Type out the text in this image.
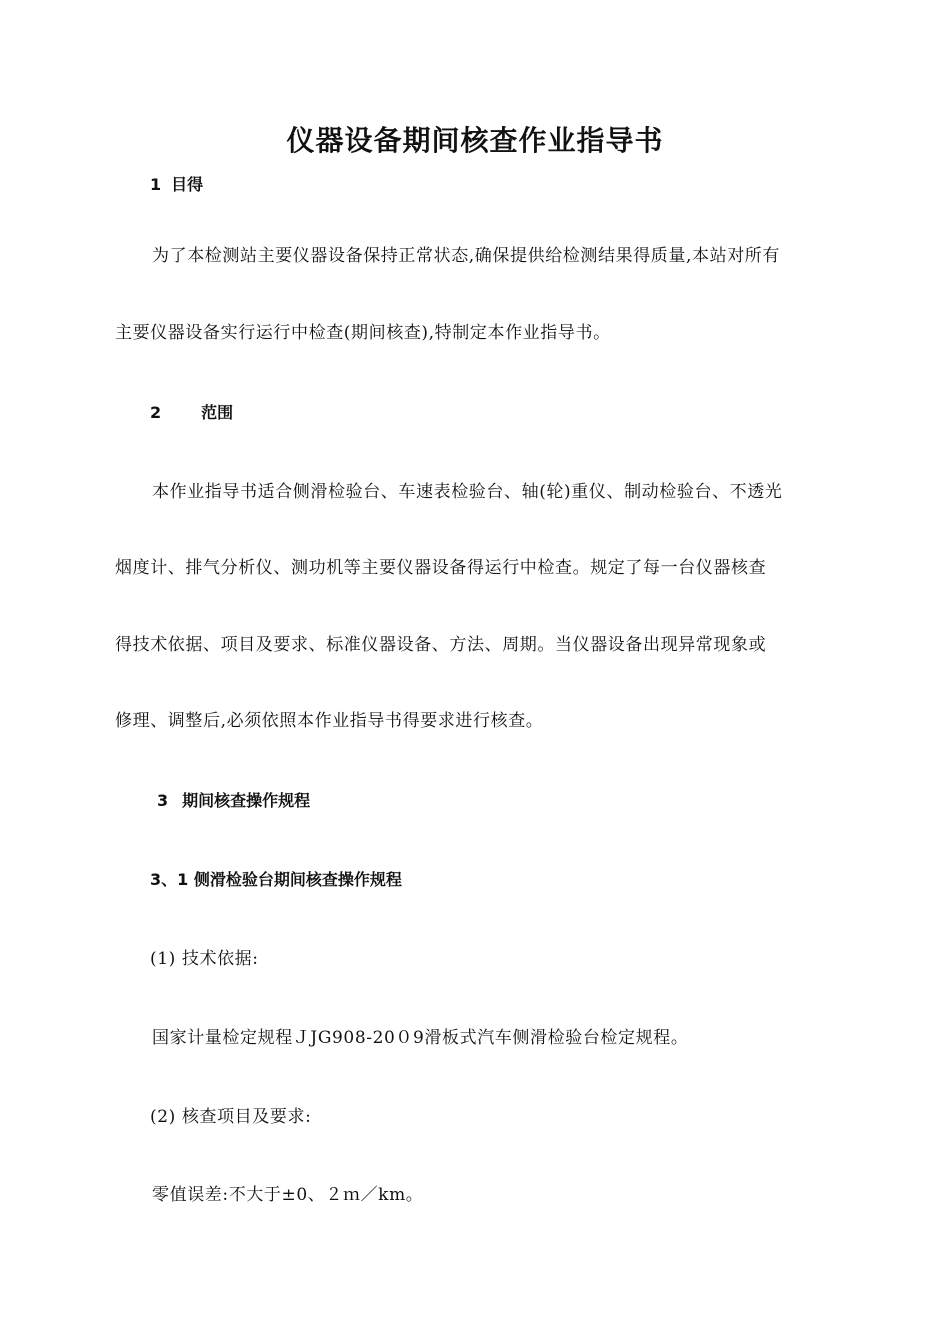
仪器设备期间核查作业指导书
1 目得
为了本检测站主要仪器设备保持正常状态,确保提供给检测结果得质量,本站对所有
主要仪器设备实行运行中检查(期间核查),特制定本作业指导书。
2	范围
本作业指导书适合侧滑检验台、车速表检验台、轴(轮)重仪、制动检验台、不透光
烟度计、排气分析仪、测功机等主要仪器设备得运行中检查。规定了每一台仪器核查
得技术依据、项目及要求、标准仪器设备、方法、周期。当仪器设备出现异常现象或
修理、调整后,必须依照本作业指导书得要求进行核查。
3 期间核查操作规程
3、1 侧滑检验台期间核查操作规程
(1) 技术依据:
国家计量检定规程ＪJG908-20０9滑板式汽车侧滑检验台检定规程。
(2) 核查项目及要求:
零值误差:不大于±0、２ｍ／km。
